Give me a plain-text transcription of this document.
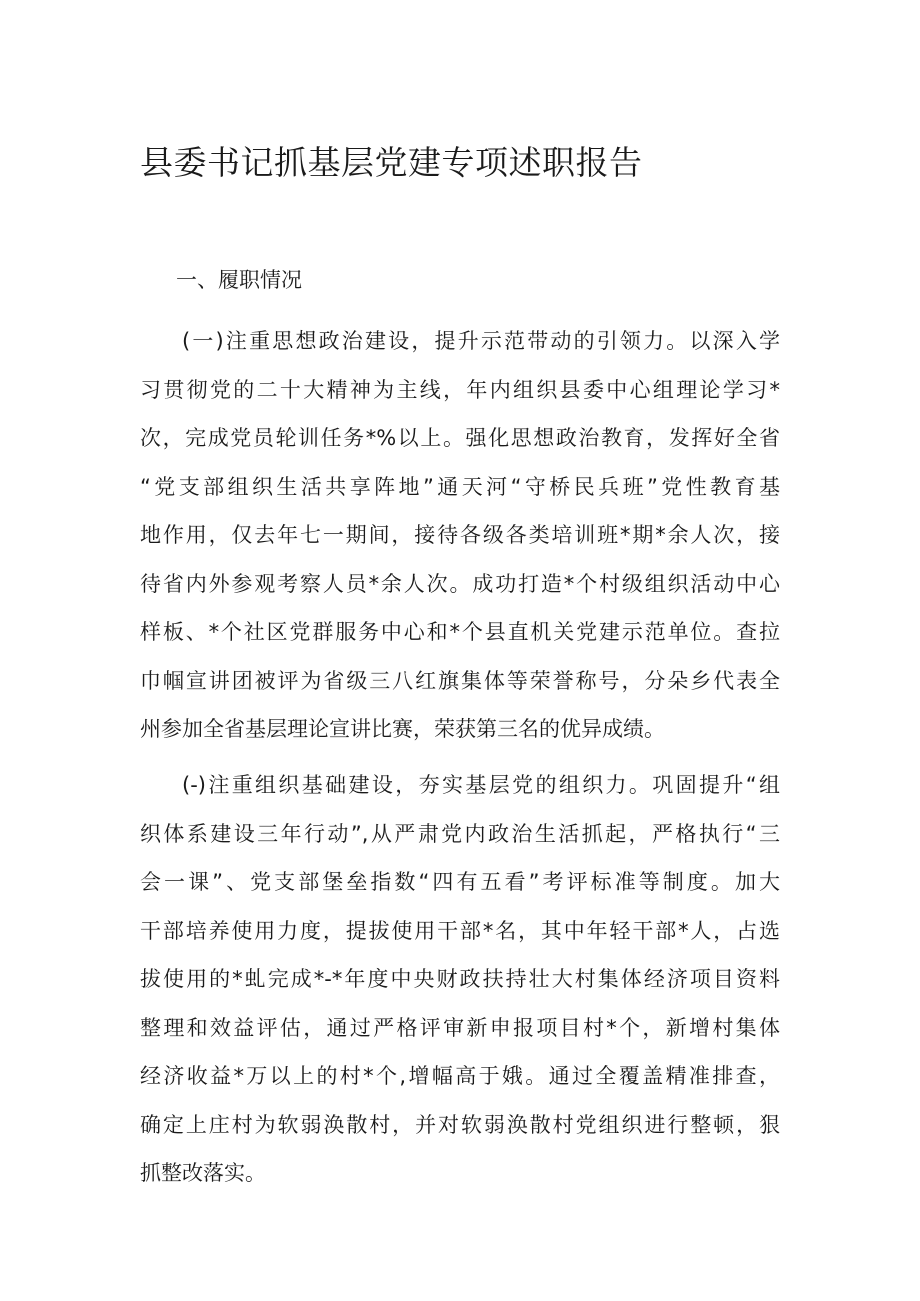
县委书记抓基层党建专项述职报告
一、履职情况
(一)注重思想政治建设，提升示范带动的引领力。以深入学
习贯彻党的二十大精神为主线，年内组织县委中心组理论学习*
次，完成党员轮训任务*%以上。强化思想政治教育，发挥好全省
“党支部组织生活共享阵地”通天河“守桥民兵班”党性教育基
地作用，仅去年七一期间，接待各级各类培训班*期*余人次，接
待省内外参观考察人员*余人次。成功打造*个村级组织活动中心
样板、*个社区党群服务中心和*个县直机关党建示范单位。查拉
巾帼宣讲团被评为省级三八红旗集体等荣誉称号，分朵乡代表全
州参加全省基层理论宣讲比赛，荣获第三名的优异成绩。
(-)注重组织基础建设，夯实基层党的组织力。巩固提升“组
织体系建设三年行动”,从严肃党内政治生活抓起，严格执行“三
会一课”、党支部堡垒指数“四有五看”考评标准等制度。加大
干部培养使用力度，提拔使用干部*名，其中年轻干部*人，占选
拔使用的*虬完成*-*年度中央财政扶持壮大村集体经济项目资料
整理和效益评估，通过严格评审新申报项目村*个，新增村集体
经济收益*万以上的村*个,增幅高于娥。通过全覆盖精准排查，
确定上庄村为软弱涣散村，并对软弱涣散村党组织进行整顿，狠
抓整改落实。
